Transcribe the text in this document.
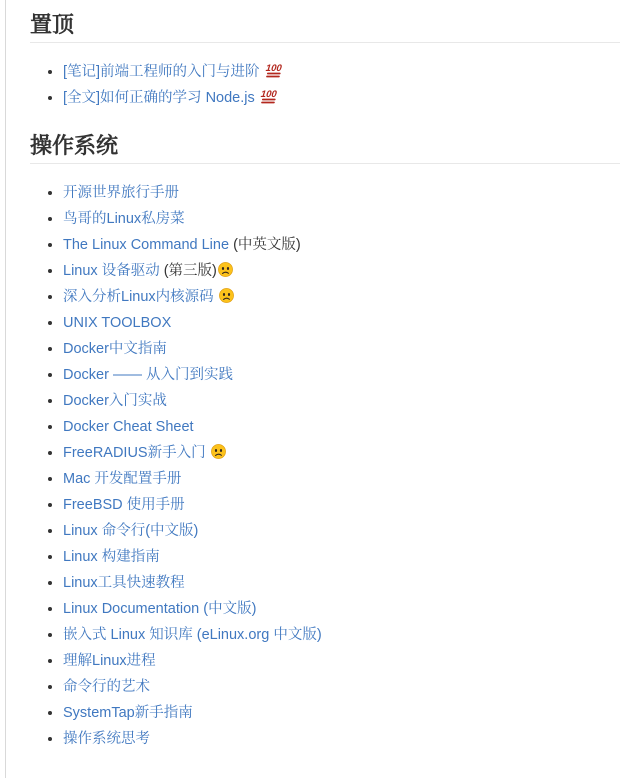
置顶
• [笔记]前端工程师的入门与进阶 100
• [全文]如何正确的学习 Node.js 100
操作系统
• 开源世界旅行手册
• 鸟哥的Linux私房菜
• The Linux Command Line (中英文版)
• Linux 设备驱动 (第三版)
• 深入分析Linux内核源码
• UNIX TOOLBOX
• Docker中文指南
• Docker —— 从入门到实践
• Docker入门实战
• Docker Cheat Sheet
• FreeRADIUS新手入门
• Mac 开发配置手册
• FreeBSD 使用手册
• Linux 命令行(中文版)
• Linux 构建指南
• Linux工具快速教程
• Linux Documentation (中文版)
• 嵌入式 Linux 知识库 (eLinux.org 中文版)
• 理解Linux进程
• 命令行的艺术
• SystemTap新手指南
• 操作系统思考
